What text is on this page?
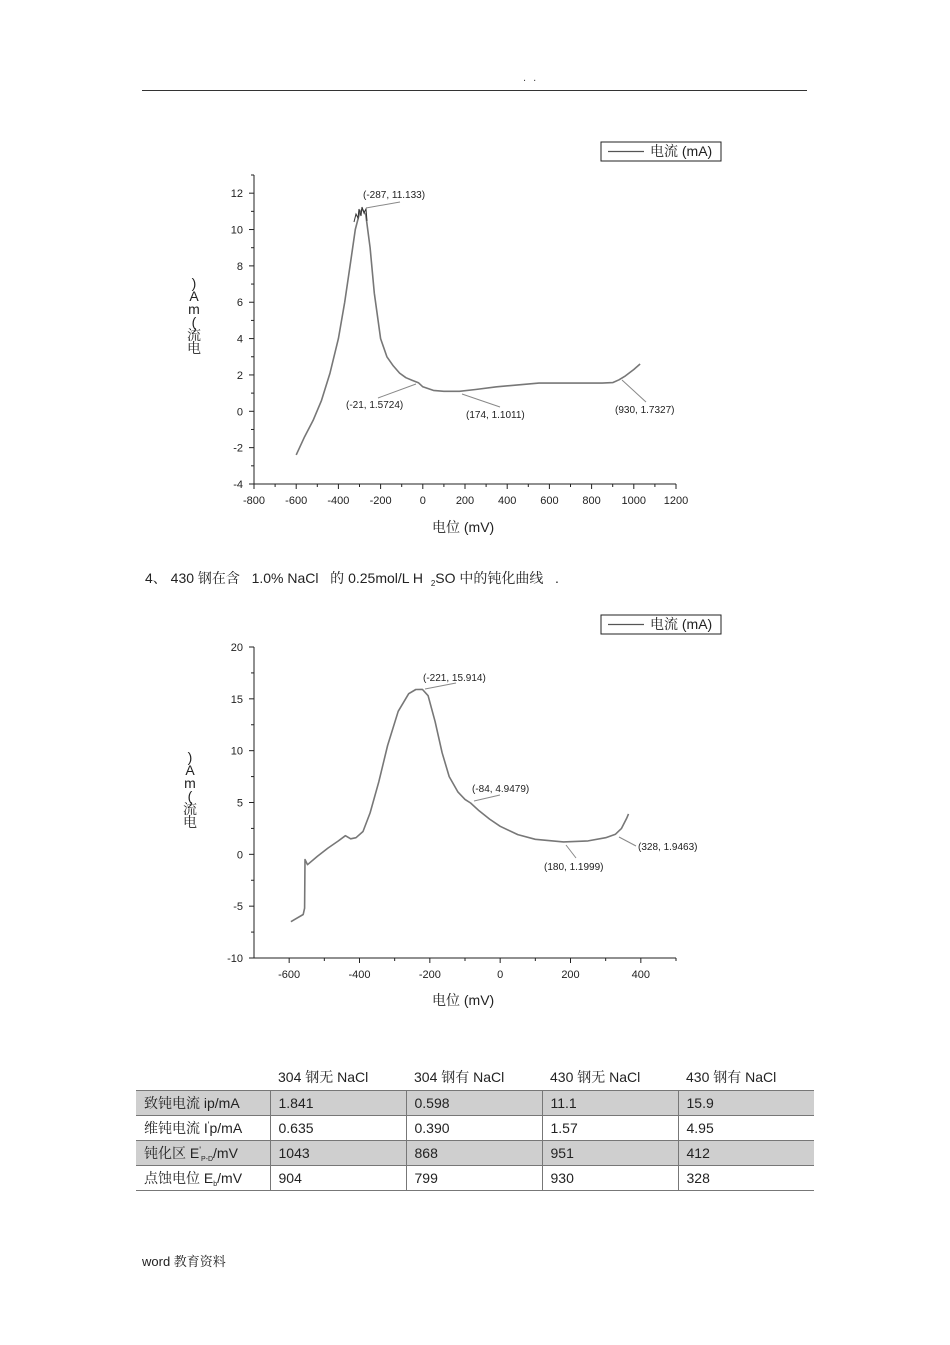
. .
电流 (mA)
-4
-2
0
2
4
6
8
10
12
-800 -600 -400 -200	0	200 400 600 800 1000 1200
(-287, 11.133)
(-21, 1.5724)
(174, 1.1011)	(930, 1.7327)
)
A
m
(
流
电
电位 (mV)
4、 430 钢在含   1.0% NaCl   的 0.25mol/L H  $_2$SO 中的钝化曲线   .
电流 (mA)
-10
-5
0
5
10
15
20
-600	-400	-200	0	200	400
(-221, 15.914)
(-84, 4.9479)
(180, 1.1999)
(328, 1.9463)
)
A
m
(
流
电
电位 (mV)
	304 钢无 NaCl	304 钢有 NaCl	430 钢无 NaCl	430 钢有 NaCl
致钝电流 ip/mA	1.841	0.598	11.1	15.9
维钝电流 I'p/mA	0.635	0.390	1.57	4.95
钝化区 $E'_{P-D}/mV$	1043	868	951	412
点蚀电位 $E_b/mV$	904	799	930	328
word 教育资料
